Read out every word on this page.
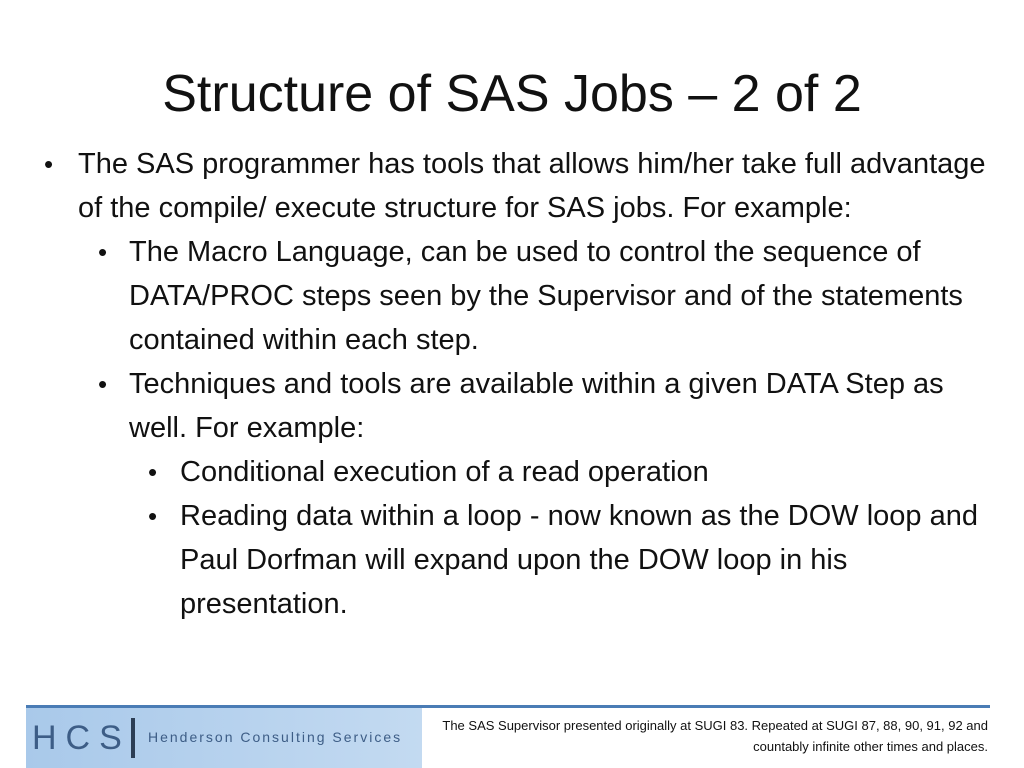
Structure of SAS Jobs – 2 of 2
• The SAS programmer has tools that allows him/her take full advantage of the compile/ execute structure for SAS jobs. For example:
• The Macro Language, can be used to control the sequence of DATA/PROC steps seen by the Supervisor and of the statements contained within each step.
• Techniques and tools are available within a given DATA Step as well. For example:
• Conditional execution of a read operation
• Reading data within a loop - now known as the DOW loop and Paul Dorfman will expand upon the DOW loop in his presentation.
HCS Henderson Consulting Services
The SAS Supervisor presented originally at SUGI 83. Repeated at SUGI 87, 88, 90, 91, 92 and countably infinite other times and places.
